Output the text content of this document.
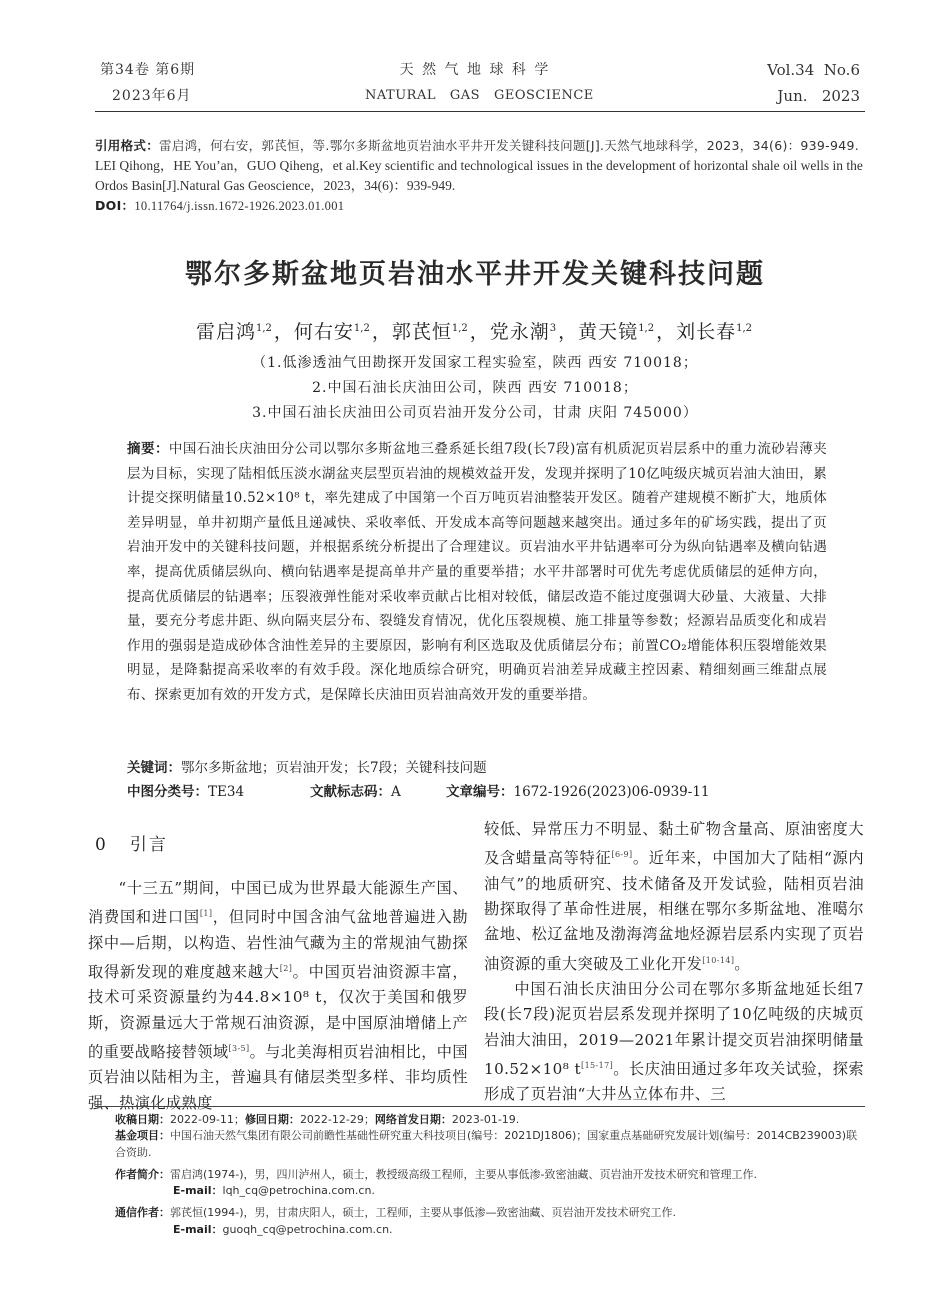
第34卷 第6期
2023年6月
天 然 气 地 球 科 学
NATURAL   GAS   GEOSCIENCE
Vol.34  No.6
Jun.   2023
引用格式：雷启鸿，何右安，郭芪恒，等.鄂尔多斯盆地页岩油水平井开发关键科技问题[J].天然气地球科学，2023，34(6)：939-949.
LEI Qihong，HE You’an，GUO Qiheng，et al.Key scientific and technological issues in the development of horizontal shale oil wells in the Ordos Basin[J].Natural Gas Geoscience，2023，34(6)：939-949.
DOI：10.11764/j.issn.1672-1926.2023.01.001
鄂尔多斯盆地页岩油水平井开发关键科技问题
雷启鸿$^{1,2}$ ，何右安$^{1,2}$ ，郭芪恒$^{1,2}$ ，党永潮$^3$ ，黄天镜$^{1,2}$ ，刘长春$^{1,2}$
（1.低渗透油气田勘探开发国家工程实验室，陕西 西安 710018；
2.中国石油长庆油田公司，陕西 西安 710018；
3.中国石油长庆油田公司页岩油开发分公司，甘肃 庆阳 745000）
摘要：中国石油长庆油田分公司以鄂尔多斯盆地三叠系延长组7段(长7段)富有机质泥页岩层系中的重力流砂岩薄夹层为目标，实现了陆相低压淡水湖盆夹层型页岩油的规模效益开发，发现并探明了10亿吨级庆城页岩油大油田，累计提交探明储量10.52×10⁸ t，率先建成了中国第一个百万吨页岩油整装开发区。随着产建规模不断扩大，地质体差异明显，单井初期产量低且递减快、采收率低、开发成本高等问题越来越突出。通过多年的矿场实践，提出了页岩油开发中的关键科技问题，并根据系统分析提出了合理建议。页岩油水平井钻遇率可分为纵向钻遇率及横向钻遇率，提高优质储层纵向、横向钻遇率是提高单井产量的重要举措；水平井部署时可优先考虑优质储层的延伸方向，提高优质储层的钻遇率；压裂液弹性能对采收率贡献占比相对较低，储层改造不能过度强调大砂量、大液量、大排量，要充分考虑井距、纵向隔夹层分布、裂缝发育情况，优化压裂规模、施工排量等参数；烃源岩品质变化和成岩作用的强弱是造成砂体含油性差异的主要原因，影响有利区选取及优质储层分布；前置CO₂增能体积压裂增能效果明显，是降黏提高采收率的有效手段。深化地质综合研究，明确页岩油差异成藏主控因素、精细刻画三维甜点展布、探索更加有效的开发方式，是保障长庆油田页岩油高效开发的重要举措。
关键词：鄂尔多斯盆地；页岩油开发；长7段；关键科技问题
中图分类号：TE34	文献标志码：A	文章编号：1672-1926(2023)06-0939-11
0 引言

“十三五”期间，中国已成为世界最大能源生产国、消费国和进口国[1]，但同时中国含油气盆地普遍进入勘探中—后期，以构造、岩性油气藏为主的常规油气勘探取得新发现的难度越来越大[2]。中国页岩油资源丰富，技术可采资源量约为44.8×10⁸ t，仅次于美国和俄罗斯，资源量远大于常规石油资源，是中国原油增储上产的重要战略接替领域[3-5]。与北美海相页岩油相比，中国页岩油以陆相为主，普遍具有储层类型多样、非均质性强、热演化成熟度

较低、异常压力不明显、黏土矿物含量高、原油密度大及含蜡量高等特征[6-9]。近年来，中国加大了陆相“源内油气”的地质研究、技术储备及开发试验，陆相页岩油勘探取得了革命性进展，相继在鄂尔多斯盆地、准噶尔盆地、松辽盆地及渤海湾盆地烃源岩层系内实现了页岩油资源的重大突破及工业化开发[10-14]。

中国石油长庆油田分公司在鄂尔多斯盆地延长组7段(长7段)泥页岩层系发现并探明了10亿吨级的庆城页岩油大油田，2019—2021年累计提交页岩油探明储量10.52×10⁸ t[15-17]。长庆油田通过多年攻关试验，探索形成了页岩油“大井丛立体布井、三

收稿日期：2022-09-11；修回日期：2022-12-29；网络首发日期：2023-01-19.
基金项目：中国石油天然气集团有限公司前瞻性基础性研究重大科技项目(编号：2021DJ1806)；国家重点基础研究发展计划(编号：2014CB239003)联合资助.
作者简介：雷启鸿(1974-)，男，四川泸州人，硕士，教授级高级工程师，主要从事低渗-致密油藏、页岩油开发技术研究和管理工作.
E-mail：lqh_cq@petrochina.com.cn.
通信作者：郭芪恒(1994-)，男，甘肃庆阳人，硕士，工程师，主要从事低渗—致密油藏、页岩油开发技术研究工作.
E-mail：guoqh_cq@petrochina.com.cn.
